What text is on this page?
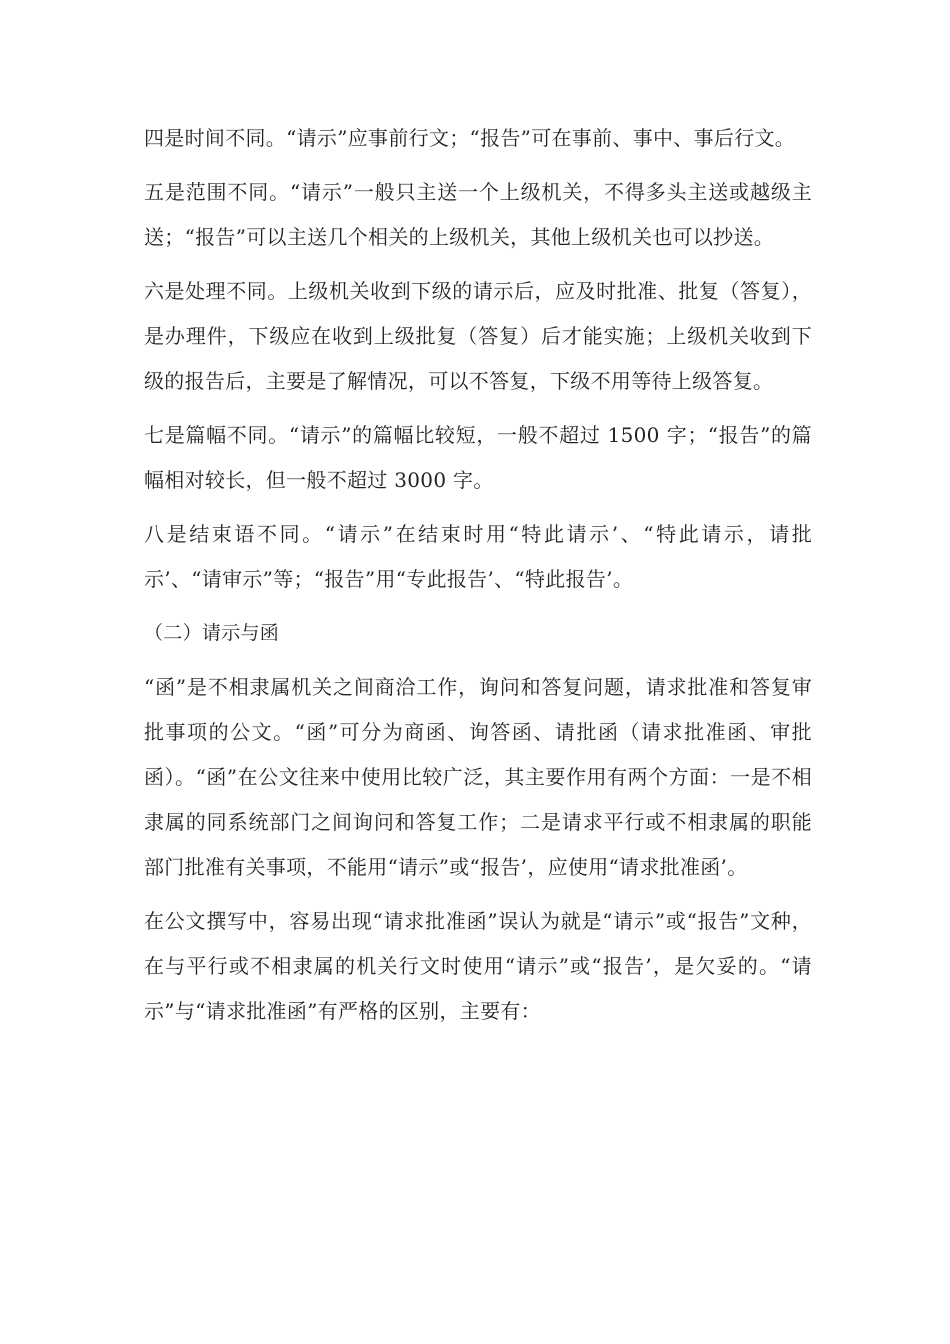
四是时间不同。“请示”应事前行文；“报告”可在事前、事中、事后行文。

五是范围不同。“请示”一般只主送一个上级机关，不得多头主送或越级主送；“报告”可以主送几个相关的上级机关，其他上级机关也可以抄送。

六是处理不同。上级机关收到下级的请示后，应及时批准、批复（答复），是办理件，下级应在收到上级批复（答复）后才能实施；上级机关收到下级的报告后，主要是了解情况，可以不答复，下级不用等待上级答复。

七是篇幅不同。“请示”的篇幅比较短，一般不超过 1500 字；“报告”的篇幅相对较长，但一般不超过 3000 字。

八是结束语不同。“请示”在结束时用“特此请示’、“特此请示，请批示’、“请审示”等；“报告”用“专此报告’、“特此报告’。

（二）请示与函

“函”是不相隶属机关之间商洽工作，询问和答复问题，请求批准和答复审批事项的公文。“函”可分为商函、询答函、请批函（请求批准函、审批函）。“函”在公文往来中使用比较广泛，其主要作用有两个方面：一是不相隶属的同系统部门之间询问和答复工作；二是请求平行或不相隶属的职能部门批准有关事项，不能用“请示”或“报告’，应使用“请求批准函’。

在公文撰写中，容易出现“请求批准函”误认为就是“请示”或“报告”文种，在与平行或不相隶属的机关行文时使用“请示”或“报告’，是欠妥的。“请示”与“请求批准函”有严格的区别，主要有：
